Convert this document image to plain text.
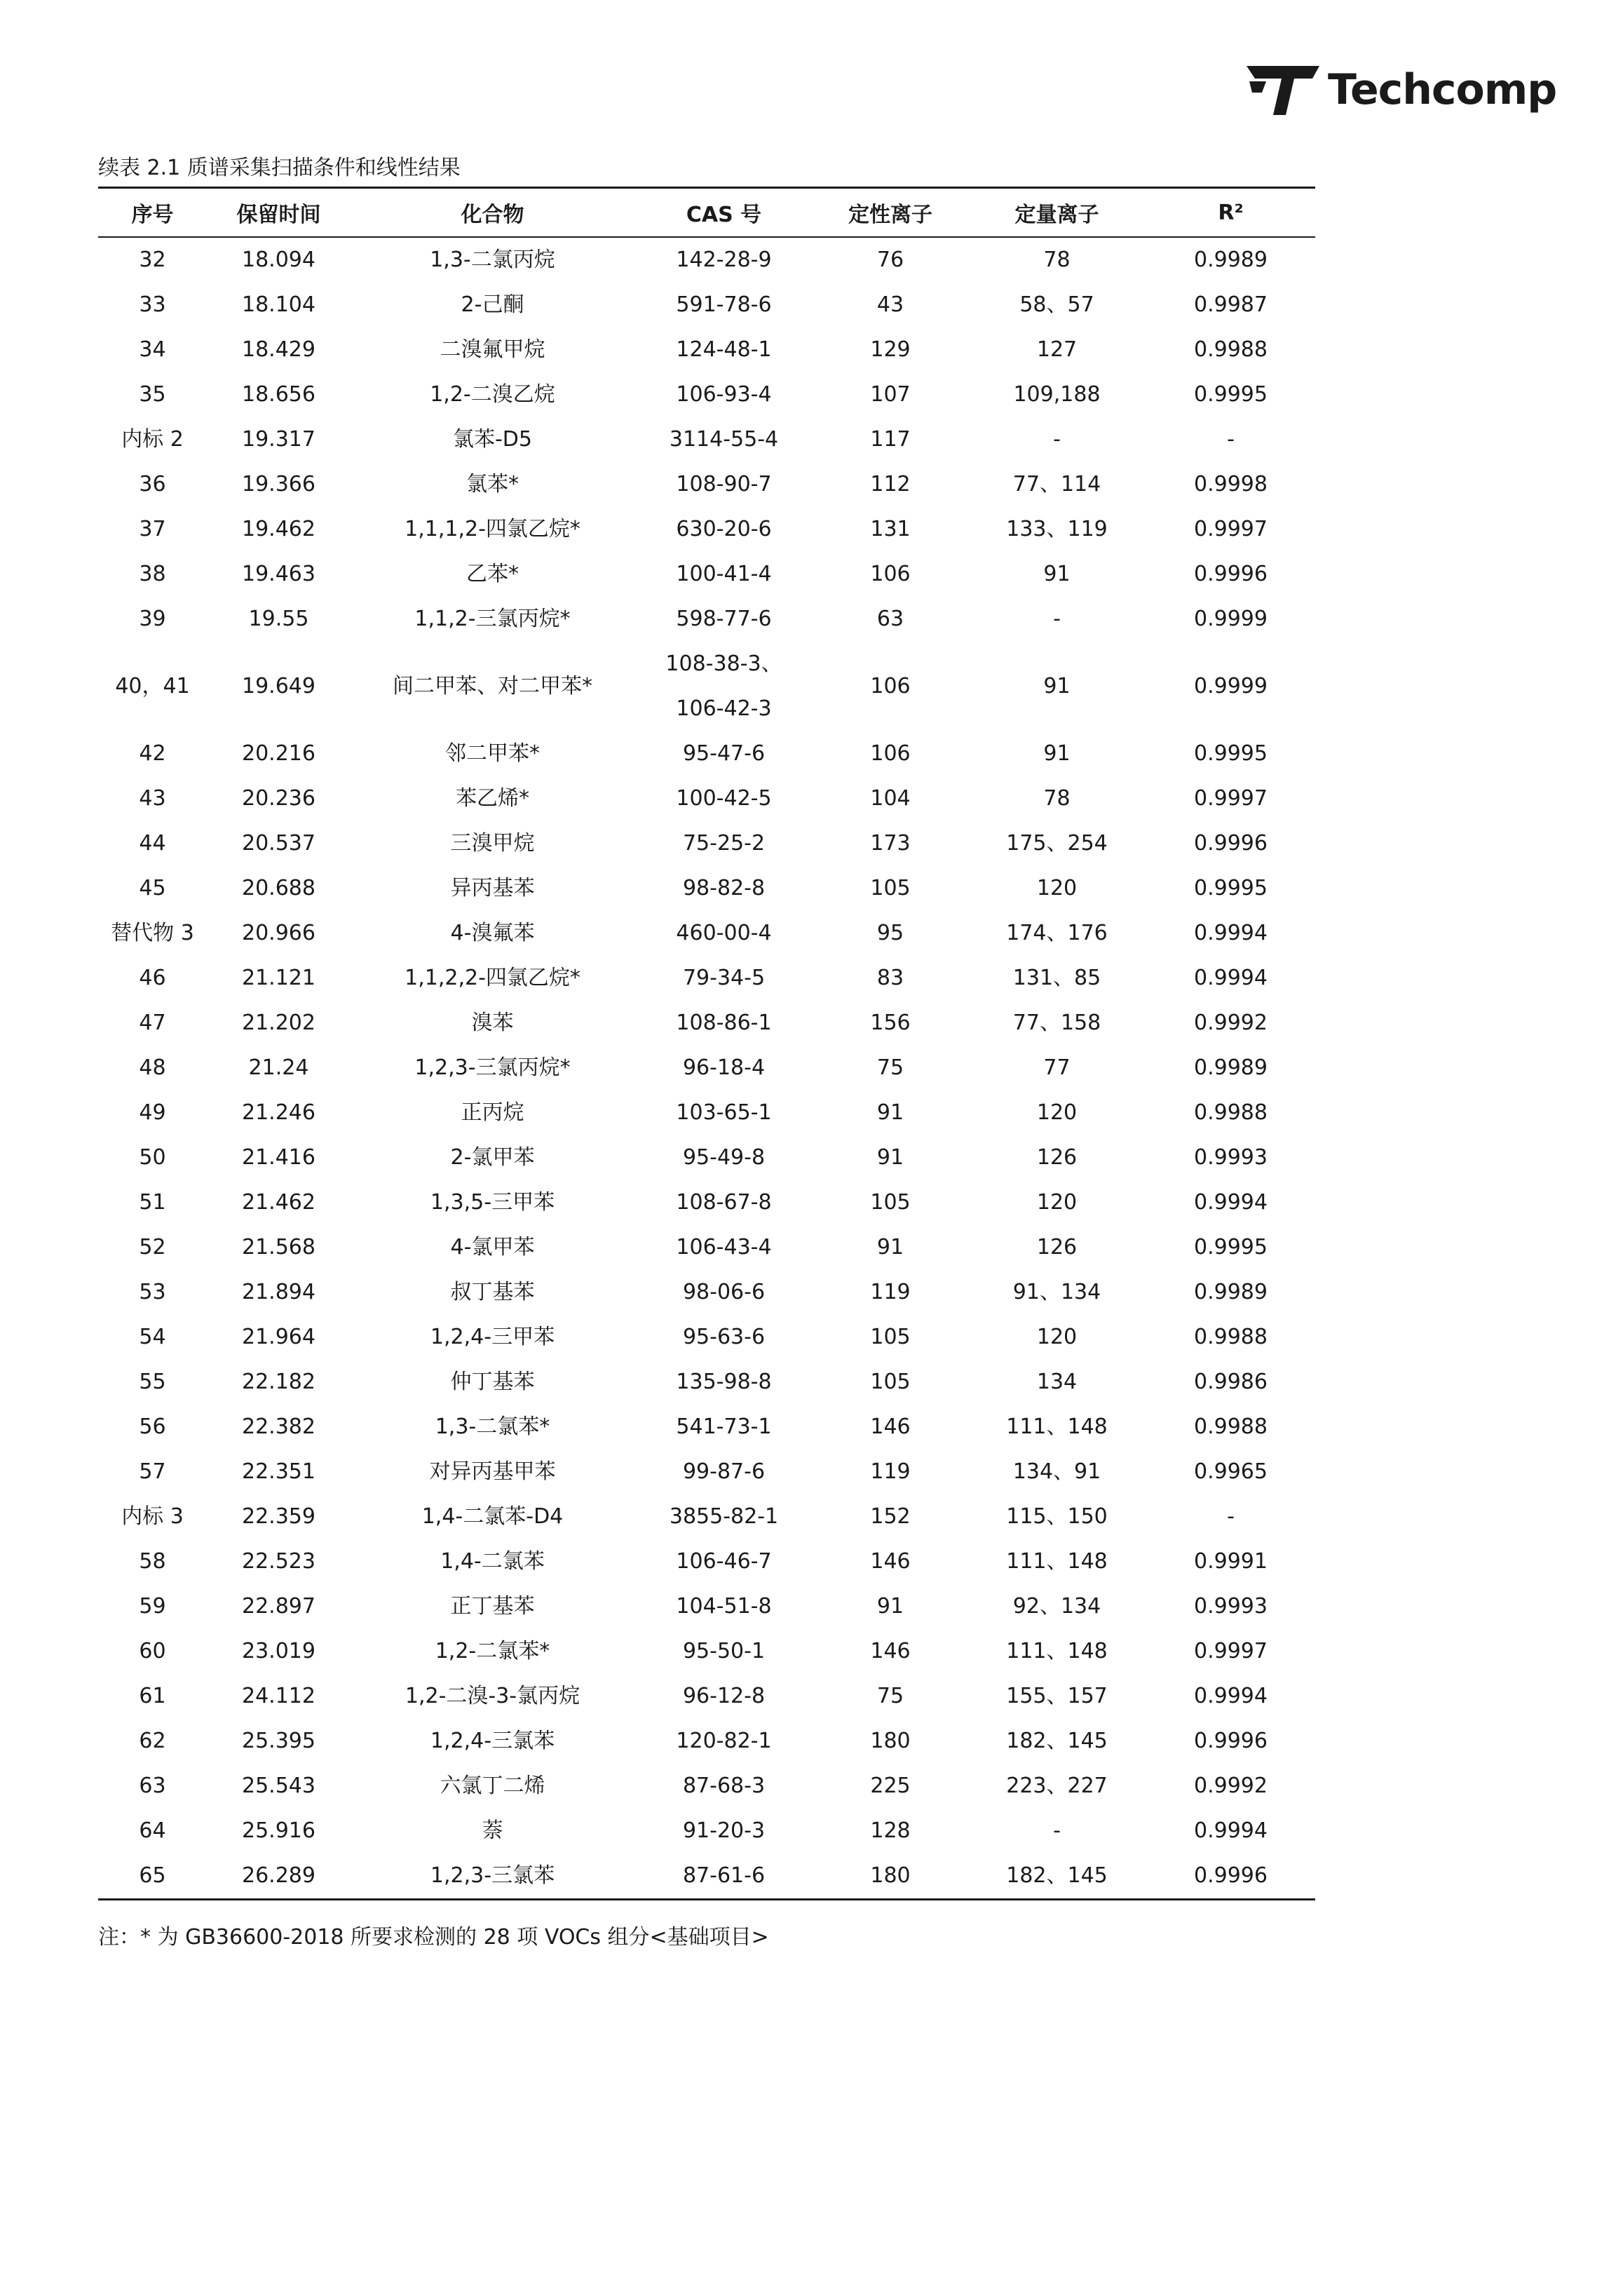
Techcomp
续表 2.1 质谱采集扫描条件和线性结果
序号	保留时间	化合物	CAS 号	定性离子	定量离子	R²
32	18.094	1,3-二氯丙烷	142-28-9	76	78	0.9989
33	18.104	2-己酮	591-78-6	43	58、57	0.9987
34	18.429	二溴氟甲烷	124-48-1	129	127	0.9988
35	18.656	1,2-二溴乙烷	106-93-4	107	109,188	0.9995
内标 2	19.317	氯苯-D5	3114-55-4	117	-	-
36	19.366	氯苯*	108-90-7	112	77、114	0.9998
37	19.462	1,1,1,2-四氯乙烷*	630-20-6	131	133、119	0.9997
38	19.463	乙苯*	100-41-4	106	91	0.9996
39	19.55	1,1,2-三氯丙烷*	598-77-6	63	-	0.9999
40，41	19.649	间二甲苯、对二甲苯*	108-38-3、
106-42-3	106	91	0.9999
42	20.216	邻二甲苯*	95-47-6	106	91	0.9995
43	20.236	苯乙烯*	100-42-5	104	78	0.9997
44	20.537	三溴甲烷	75-25-2	173	175、254	0.9996
45	20.688	异丙基苯	98-82-8	105	120	0.9995
替代物 3	20.966	4-溴氟苯	460-00-4	95	174、176	0.9994
46	21.121	1,1,2,2-四氯乙烷*	79-34-5	83	131、85	0.9994
47	21.202	溴苯	108-86-1	156	77、158	0.9992
48	21.24	1,2,3-三氯丙烷*	96-18-4	75	77	0.9989
49	21.246	正丙烷	103-65-1	91	120	0.9988
50	21.416	2-氯甲苯	95-49-8	91	126	0.9993
51	21.462	1,3,5-三甲苯	108-67-8	105	120	0.9994
52	21.568	4-氯甲苯	106-43-4	91	126	0.9995
53	21.894	叔丁基苯	98-06-6	119	91、134	0.9989
54	21.964	1,2,4-三甲苯	95-63-6	105	120	0.9988
55	22.182	仲丁基苯	135-98-8	105	134	0.9986
56	22.382	1,3-二氯苯*	541-73-1	146	111、148	0.9988
57	22.351	对异丙基甲苯	99-87-6	119	134、91	0.9965
内标 3	22.359	1,4-二氯苯-D4	3855-82-1	152	115、150	-
58	22.523	1,4-二氯苯	106-46-7	146	111、148	0.9991
59	22.897	正丁基苯	104-51-8	91	92、134	0.9993
60	23.019	1,2-二氯苯*	95-50-1	146	111、148	0.9997
61	24.112	1,2-二溴-3-氯丙烷	96-12-8	75	155、157	0.9994
62	25.395	1,2,4-三氯苯	120-82-1	180	182、145	0.9996
63	25.543	六氯丁二烯	87-68-3	225	223、227	0.9992
64	25.916	萘	91-20-3	128	-	0.9994
65	26.289	1,2,3-三氯苯	87-61-6	180	182、145	0.9996
注：* 为 GB36600-2018 所要求检测的 28 项 VOCs 组分<基础项目>
